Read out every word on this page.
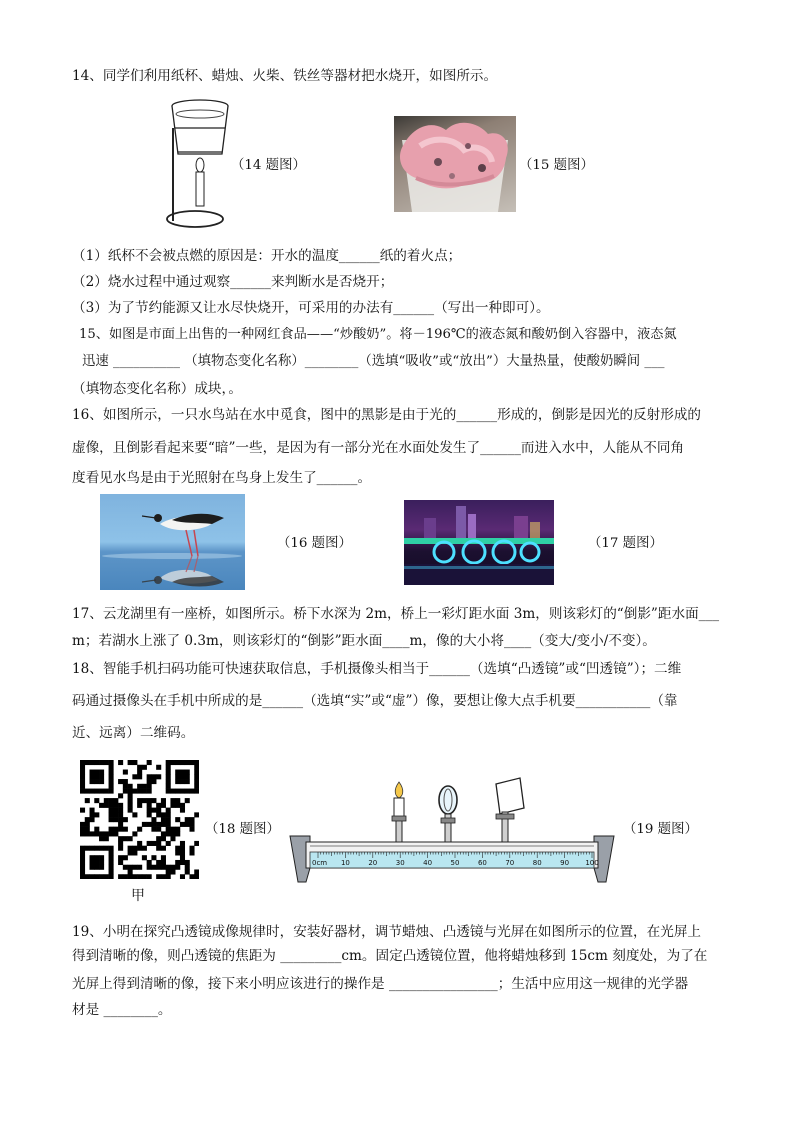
14、同学们利用纸杯、蜡烛、火柴、铁丝等器材把水烧开，如图所示。
（14 题图）	（15 题图）
（1）纸杯不会被点燃的原因是：开水的温度______纸的着火点；
（2）烧水过程中通过观察______来判断水是否烧开；
（3）为了节约能源又让水尽快烧开，可采用的办法有______（写出一种即可）。
15、如图是市面上出售的一种网红食品——“炒酸奶”。将－196℃的液态氮和酸奶倒入容器中，液态氮
迅速 __________ （填物态变化名称）________（选填“吸收”或“放出”）大量热量，使酸奶瞬间 ___
（填物态变化名称）成块，。
16、如图所示，一只水鸟站在水中觅食，图中的黑影是由于光的______形成的，倒影是因光的反射形成的
虚像，且倒影看起来要“暗”一些，是因为有一部分光在水面处发生了______而进入水中，人能从不同角
度看见水鸟是由于光照射在鸟身上发生了______。
（16 题图）	（17 题图）
17、云龙湖里有一座桥，如图所示。桥下水深为 2m，桥上一彩灯距水面 3m，则该彩灯的“倒影”距水面___
m；若湖水上涨了 0.3m，则该彩灯的“倒影”距水面____m，像的大小将____（变大/变小/不变）。
18、智能手机扫码功能可快速获取信息，手机摄像头相当于______（选填“凸透镜”或“凹透镜”）；二维
码通过摄像头在手机中所成的是______（选填“实”或“虚”）像，要想让像大点手机要___________（靠
近、远离）二维码。
甲
（18 题图）
0cm 10	20	30	40	50	60	70	80	90 100
（19 题图）
19、小明在探究凸透镜成像规律时，安装好器材，调节蜡烛、凸透镜与光屏在如图所示的位置，在光屏上
得到清晰的像，则凸透镜的焦距为 _________cm。固定凸透镜位置，他将蜡烛移到 15cm 刻度处，为了在
光屏上得到清晰的像，接下来小明应该进行的操作是 ________________；生活中应用这一规律的光学器
材是 ________。
